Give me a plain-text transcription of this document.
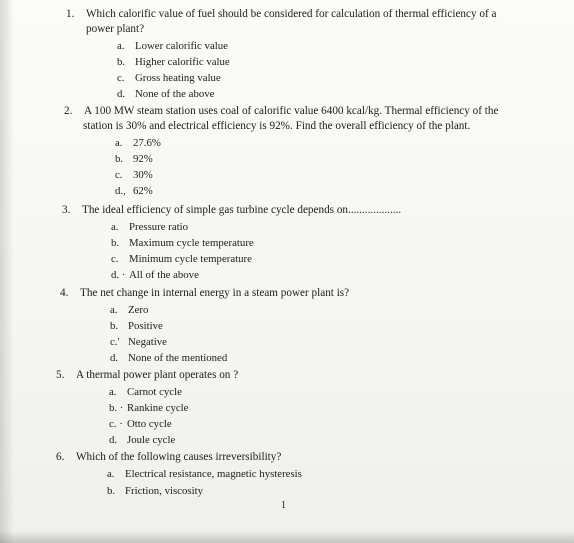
1. Which calorific value of fuel should be considered for calculation of thermal efficiency of a
power plant?
a. Lower calorific value
b. Higher calorific value
c. Gross heating value
d. None of the above
2. A 100 MW steam station uses coal of calorific value 6400 kcal/kg. Thermal efficiency of the
station is 30% and electrical efficiency is 92%. Find the overall efficiency of the plant.
a. 27.6%
b. 92%
c. 30%
d., 62%
3. The ideal efficiency of simple gas turbine cycle depends on...................
a. Pressure ratio
b. Maximum cycle temperature
c. Minimum cycle temperature
d. · All of the above
4. The net change in internal energy in a steam power plant is?
a. Zero
b. Positive
c.' Negative
d. None of the mentioned
5. A thermal power plant operates on ?
a. Carnot cycle
b. · Rankine cycle
c. · Otto cycle
d. Joule cycle
6. Which of the following causes irreversibility?
a. Electrical resistance, magnetic hysteresis
b. Friction, viscosity
1
